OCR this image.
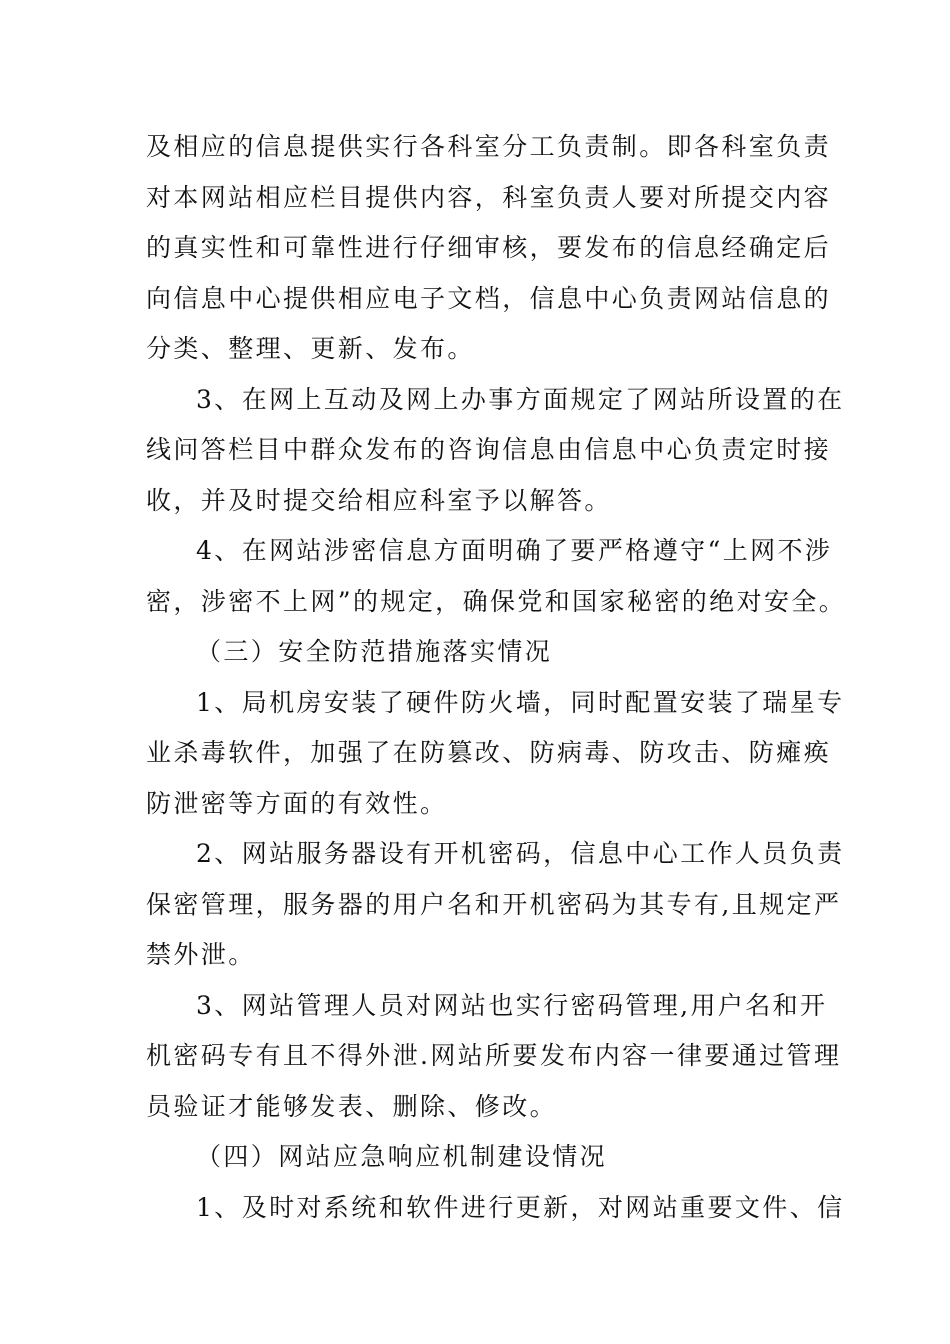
及相应的信息提供实行各科室分工负责制。即各科室负责
对本网站相应栏目提供内容，科室负责人要对所提交内容
的真实性和可靠性进行仔细审核，要发布的信息经确定后
向信息中心提供相应电子文档，信息中心负责网站信息的
分类、整理、更新、发布。
3、在网上互动及网上办事方面规定了网站所设置的在
线问答栏目中群众发布的咨询信息由信息中心负责定时接
收，并及时提交给相应科室予以解答。
4、在网站涉密信息方面明确了要严格遵守“上网不涉
密，涉密不上网”的规定，确保党和国家秘密的绝对安全。
（三）安全防范措施落实情况
1、局机房安装了硬件防火墙，同时配置安装了瑞星专
业杀毒软件，加强了在防篡改、防病毒、防攻击、防瘫痪
防泄密等方面的有效性。
2、网站服务器设有开机密码，信息中心工作人员负责
保密管理，服务器的用户名和开机密码为其专有,且规定严
禁外泄。
3、网站管理人员对网站也实行密码管理,用户名和开
机密码专有且不得外泄.网站所要发布内容一律要通过管理
员验证才能够发表、删除、修改。
（四）网站应急响应机制建设情况
1、及时对系统和软件进行更新，对网站重要文件、信
